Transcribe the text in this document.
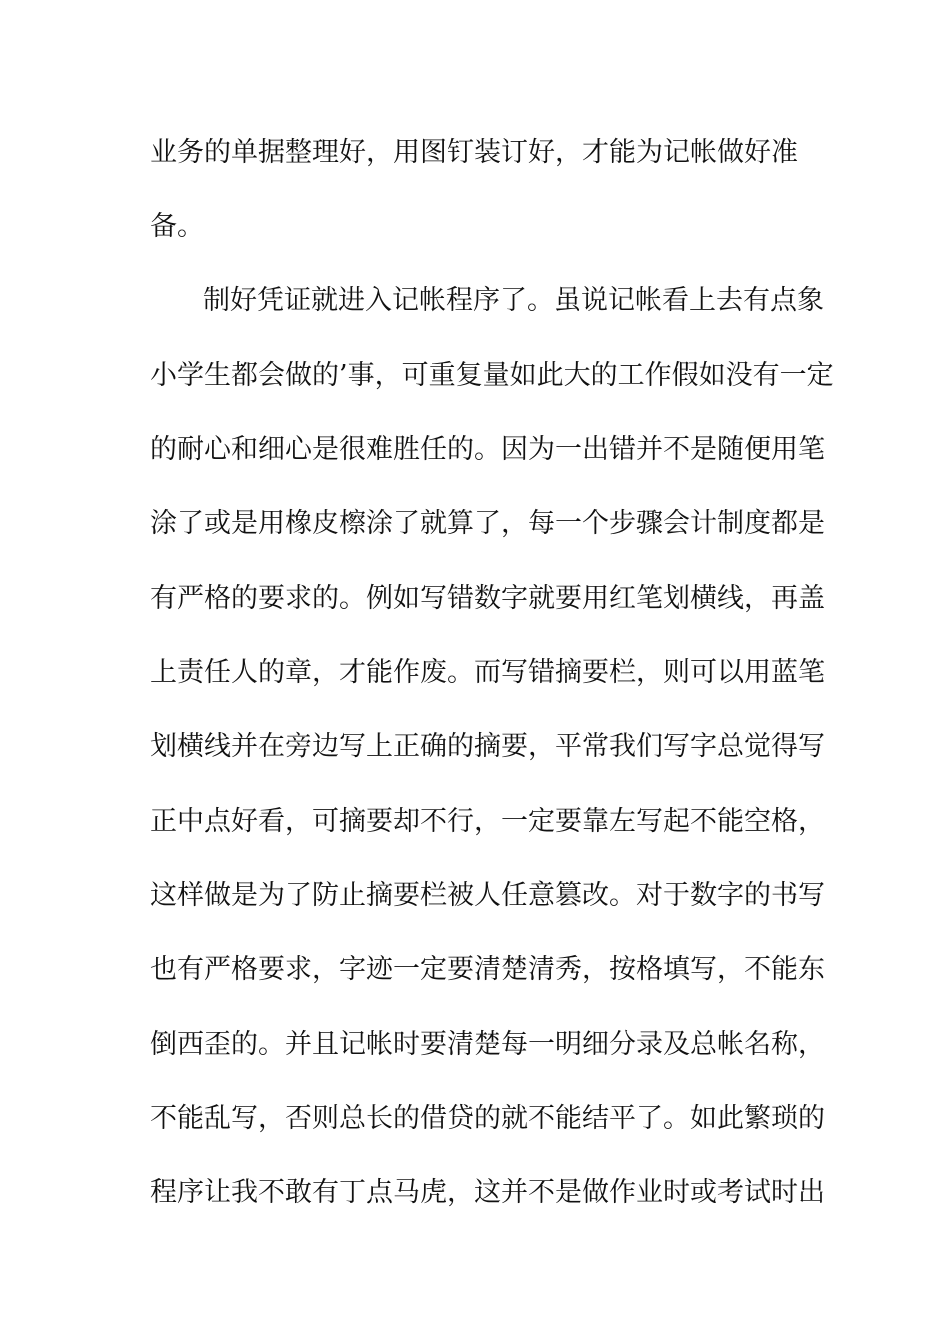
业务的单据整理好，用图钉装订好，才能为记帐做好准
备。
制好凭证就进入记帐程序了。虽说记帐看上去有点象
小学生都会做的’事，可重复量如此大的工作假如没有一定
的耐心和细心是很难胜任的。因为一出错并不是随便用笔
涂了或是用橡皮檫涂了就算了，每一个步骤会计制度都是
有严格的要求的。例如写错数字就要用红笔划横线，再盖
上责任人的章，才能作废。而写错摘要栏，则可以用蓝笔
划横线并在旁边写上正确的摘要，平常我们写字总觉得写
正中点好看，可摘要却不行，一定要靠左写起不能空格，
这样做是为了防止摘要栏被人任意篡改。对于数字的书写
也有严格要求，字迹一定要清楚清秀，按格填写，不能东
倒西歪的。并且记帐时要清楚每一明细分录及总帐名称，
不能乱写，否则总长的借贷的就不能结平了。如此繁琐的
程序让我不敢有丁点马虎，这并不是做作业时或考试时出
